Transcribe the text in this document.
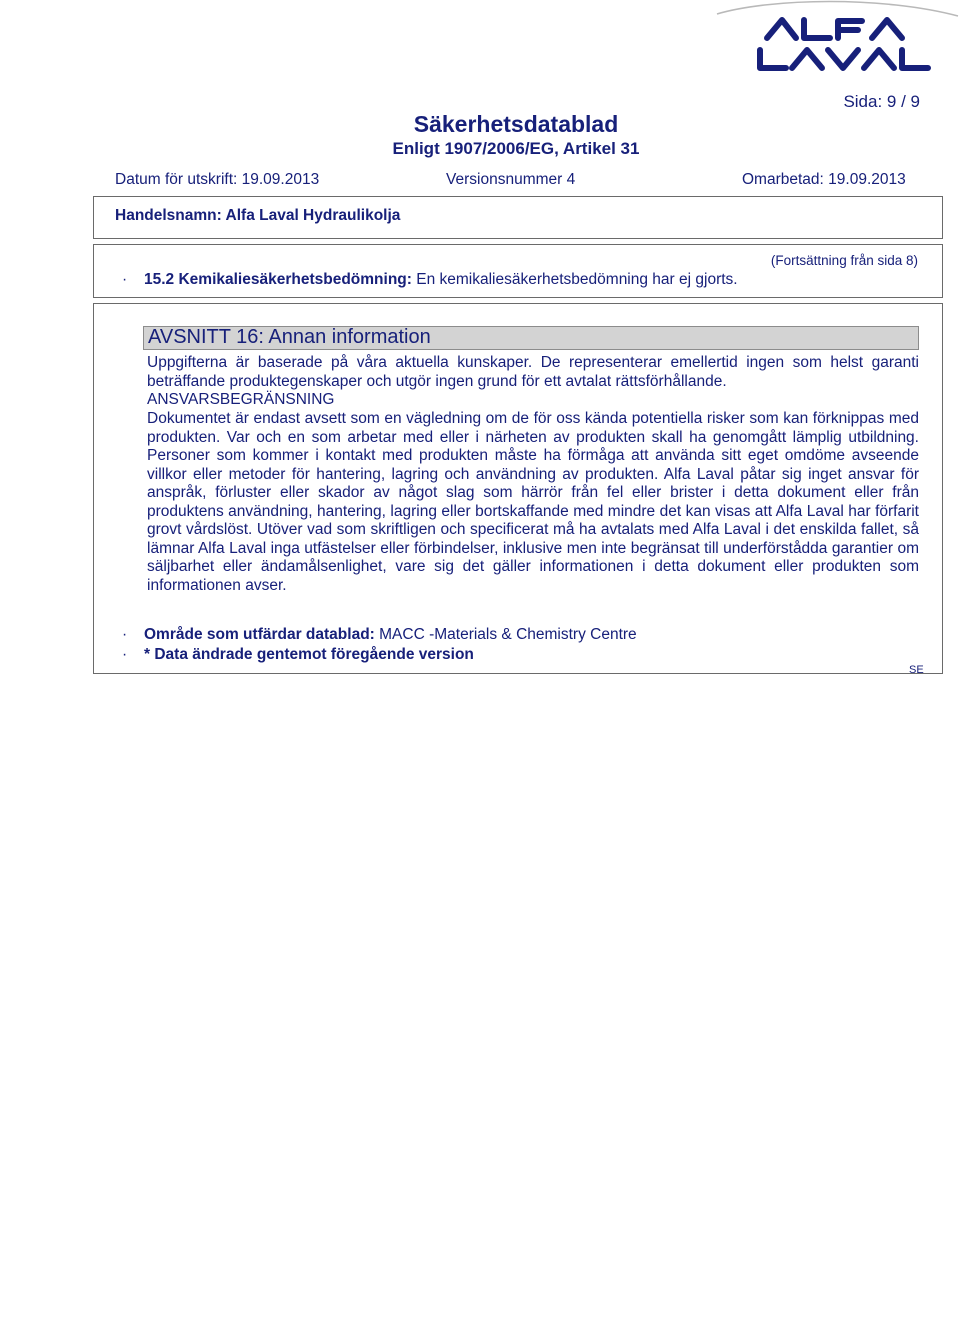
Sida: 9 / 9
Säkerhetsdatablad
Enligt 1907/2006/EG, Artikel 31
Datum för utskrift: 19.09.2013	Versionsnummer 4	Omarbetad: 19.09.2013
Handelsnamn: Alfa Laval Hydraulikolja
(Fortsättning från sida 8)
· 15.2 Kemikaliesäkerhetsbedömning: En kemikaliesäkerhetsbedömning har ej gjorts.
AVSNITT 16: Annan information
Uppgifterna är baserade på våra aktuella kunskaper. De representerar emellertid ingen som helst garanti beträffande produktegenskaper och utgör ingen grund för ett avtalat rättsförhållande.
ANSVARSBEGRÄNSNING
Dokumentet är endast avsett som en vägledning om de för oss kända potentiella risker som kan förknippas med produkten. Var och en som arbetar med eller i närheten av produkten skall ha genomgått lämplig utbildning. Personer som kommer i kontakt med produkten måste ha förmåga att använda sitt eget omdöme avseende villkor eller metoder för hantering, lagring och användning av produkten. Alfa Laval påtar sig inget ansvar för anspråk, förluster eller skador av något slag som härrör från fel eller brister i detta dokument eller från produktens användning, hantering, lagring eller bortskaffande med mindre det kan visas att Alfa Laval har förfarit grovt vårdslöst. Utöver vad som skriftligen och specificerat må ha avtalats med Alfa Laval i det enskilda fallet, så lämnar Alfa Laval inga utfästelser eller förbindelser, inklusive men inte begränsat till underförstådda garantier om säljbarhet eller ändamålsenlighet, vare sig det gäller informationen i detta dokument eller produkten som informationen avser.
· Område som utfärdar datablad: MACC -Materials & Chemistry Centre
· * Data ändrade gentemot föregående version
SE
